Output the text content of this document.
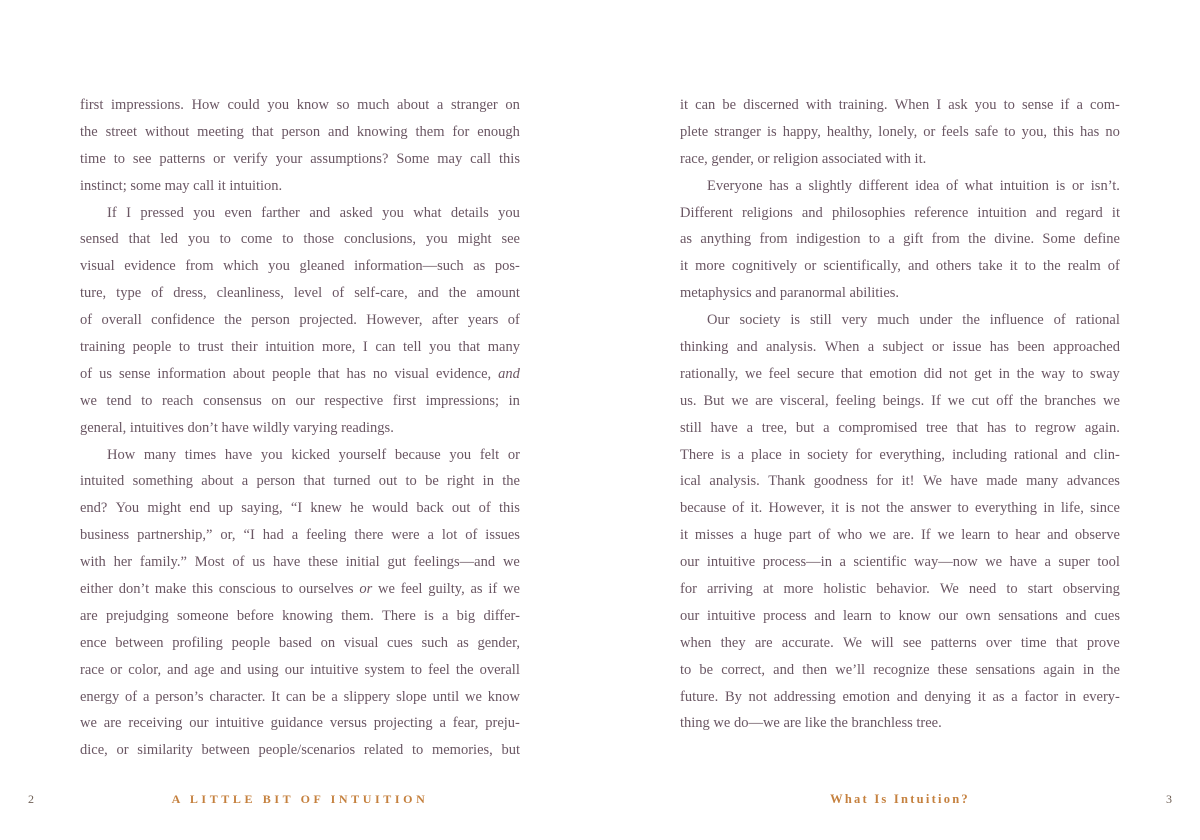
first impressions. How could you know so much about a stranger on
the street without meeting that person and knowing them for enough
time to see patterns or verify your assumptions? Some may call this
instinct; some may call it intuition.
If I pressed you even farther and asked you what details you
sensed that led you to come to those conclusions, you might see
visual evidence from which you gleaned information—such as pos-
ture, type of dress, cleanliness, level of self-care, and the amount
of overall confidence the person projected. However, after years of
training people to trust their intuition more, I can tell you that many
of us sense information about people that has no visual evidence, and
we tend to reach consensus on our respective first impressions; in
general, intuitives don’t have wildly varying readings.
How many times have you kicked yourself because you felt or
intuited something about a person that turned out to be right in the
end? You might end up saying, “I knew he would back out of this
business partnership,” or, “I had a feeling there were a lot of issues
with her family.” Most of us have these initial gut feelings—and we
either don’t make this conscious to ourselves or we feel guilty, as if we
are prejudging someone before knowing them. There is a big differ-
ence between profiling people based on visual cues such as gender,
race or color, and age and using our intuitive system to feel the overall
energy of a person’s character. It can be a slippery slope until we know
we are receiving our intuitive guidance versus projecting a fear, preju-
dice, or similarity between people/scenarios related to memories, but
it can be discerned with training. When I ask you to sense if a com-
plete stranger is happy, healthy, lonely, or feels safe to you, this has no
race, gender, or religion associated with it.
Everyone has a slightly different idea of what intuition is or isn’t.
Different religions and philosophies reference intuition and regard it
as anything from indigestion to a gift from the divine. Some define
it more cognitively or scientifically, and others take it to the realm of
metaphysics and paranormal abilities.
Our society is still very much under the influence of rational
thinking and analysis. When a subject or issue has been approached
rationally, we feel secure that emotion did not get in the way to sway
us. But we are visceral, feeling beings. If we cut off the branches we
still have a tree, but a compromised tree that has to regrow again.
There is a place in society for everything, including rational and clin-
ical analysis. Thank goodness for it! We have made many advances
because of it. However, it is not the answer to everything in life, since
it misses a huge part of who we are. If we learn to hear and observe
our intuitive process—in a scientific way—now we have a super tool
for arriving at more holistic behavior. We need to start observing
our intuitive process and learn to know our own sensations and cues
when they are accurate. We will see patterns over time that prove
to be correct, and then we’ll recognize these sensations again in the
future. By not addressing emotion and denying it as a factor in every-
thing we do—we are like the branchless tree.
2	A LITTLE BIT OF INTUITION	What Is Intuition?	3
